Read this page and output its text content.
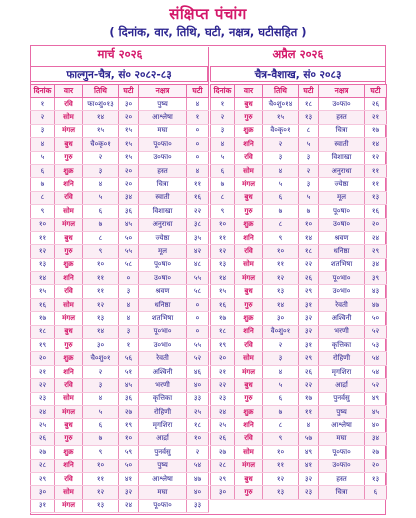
संक्षिप्त पंचांग
( दिनांक, वार, तिथि, घटी, नक्षत्र, घटीसहित )
मार्च २०२६	अप्रैल २०२६
फाल्गुन-चैत्र, सं० २०८२-८३	चैत्र-वैशाख, सं० २०८३
दिनांक	वार	तिथि	घटी	नक्षत्र	घटी
१	रवि	फा०शु०१३	३०	पुष्य	४
२	सोम	१४	२०	आश्लेषा	१
३	मंगल	१५	१५	मघा	०
४	बुध	चै०कृ०१	१५	पू०फा०	०
५	गुरु	२	१५	उ०फा०	०
६	शुक्र	३	२०	हस्त	४
७	शनि	४	२०	चित्रा	११
८	रवि	५	३४	स्वाती	१६
९	सोम	६	३६	विशाखा	२२
१०	मंगल	७	४५	अनुराधा	३८
११	बुध	८	५०	ज्येष्ठा	३५
१२	गुरु	९	५५	मूल	४२
१३	शुक्र	१०	५८	पू०षा०	४८
१४	शनि	११	०	उ०षा०	५५
१५	रवि	११	३	श्रवण	५८
१६	सोम	१२	४	धनिष्ठा	०
१७	मंगल	१३	४	शतभिषा	०
१८	बुध	१४	३	पू०भा०	०
१९	गुरु	३०	१	उ०भा०	५५
२०	शुक्र	चै०शु०१	५६	रेवती	५२
२१	शनि	२	५१	अश्विनी	४६
२२	रवि	३	४५	भरणी	४०
२३	सोम	४	३६	कृत्तिका	३३
२४	मंगल	५	२७	रोहिणी	२५
२५	बुध	६	१९	मृगशिरा	१८
२६	गुरु	७	१०	आर्द्रा	१०
२७	शुक्र	९	५९	पुनर्वसु	२
२८	शनि	१०	५०	पुष्य	५४
२९	रवि	११	४१	आश्लेषा	४७
३०	सोम	१२	३२	मघा	४०
३१	मंगल	१३	२४	पू०फा०	३३
दिनांक	वार	तिथि	घटी	नक्षत्र	घटी
१	बुध	चै०शु०१४	१८	उ०फा०	२६
२	गुरु	१५	१३	हस्त	२१
३	शुक्र	वै०कृ०१	८	चित्रा	१७
४	शनि	२	५	स्वाती	१४
५	रवि	३	३	विशाखा	१२
६	सोम	४	२	अनुराधा	११
७	मंगल	५	३	ज्येष्ठा	११
८	बुध	६	५	मूल	१३
९	गुरु	७	७	पू०षा०	१६
१०	शुक्र	८	१०	उ०षा०	२०
११	शनि	९	१४	श्रवण	२४
१२	रवि	१०	१८	धनिष्ठा	२९
१३	सोम	११	२२	शतभिषा	३४
१४	मंगल	१२	२६	पू०भा०	३९
१५	बुध	१३	२९	उ०भा०	४३
१६	गुरु	१४	३१	रेवती	४७
१७	शुक्र	३०	३२	अश्विनी	५०
१८	शनि	वै०शु०१	३२	भरणी	५२
१९	रवि	२	३१	कृत्तिका	५३
२०	सोम	३	२९	रोहिणी	५४
२१	मंगल	४	२६	मृगशिरा	५४
२२	बुध	५	२२	आर्द्रा	५२
२३	गुरु	६	१७	पुनर्वसु	४९
२४	शुक्र	७	११	पुष्य	४५
२५	शनि	८	४	आश्लेषा	४०
२६	रवि	९	५७	मघा	३४
२७	सोम	१०	४९	पू०फा०	२७
२८	मंगल	११	४१	उ०फा०	२०
२९	बुध	१२	३२	हस्त	१३
३०	गुरु	१३	२३	चित्रा	६
